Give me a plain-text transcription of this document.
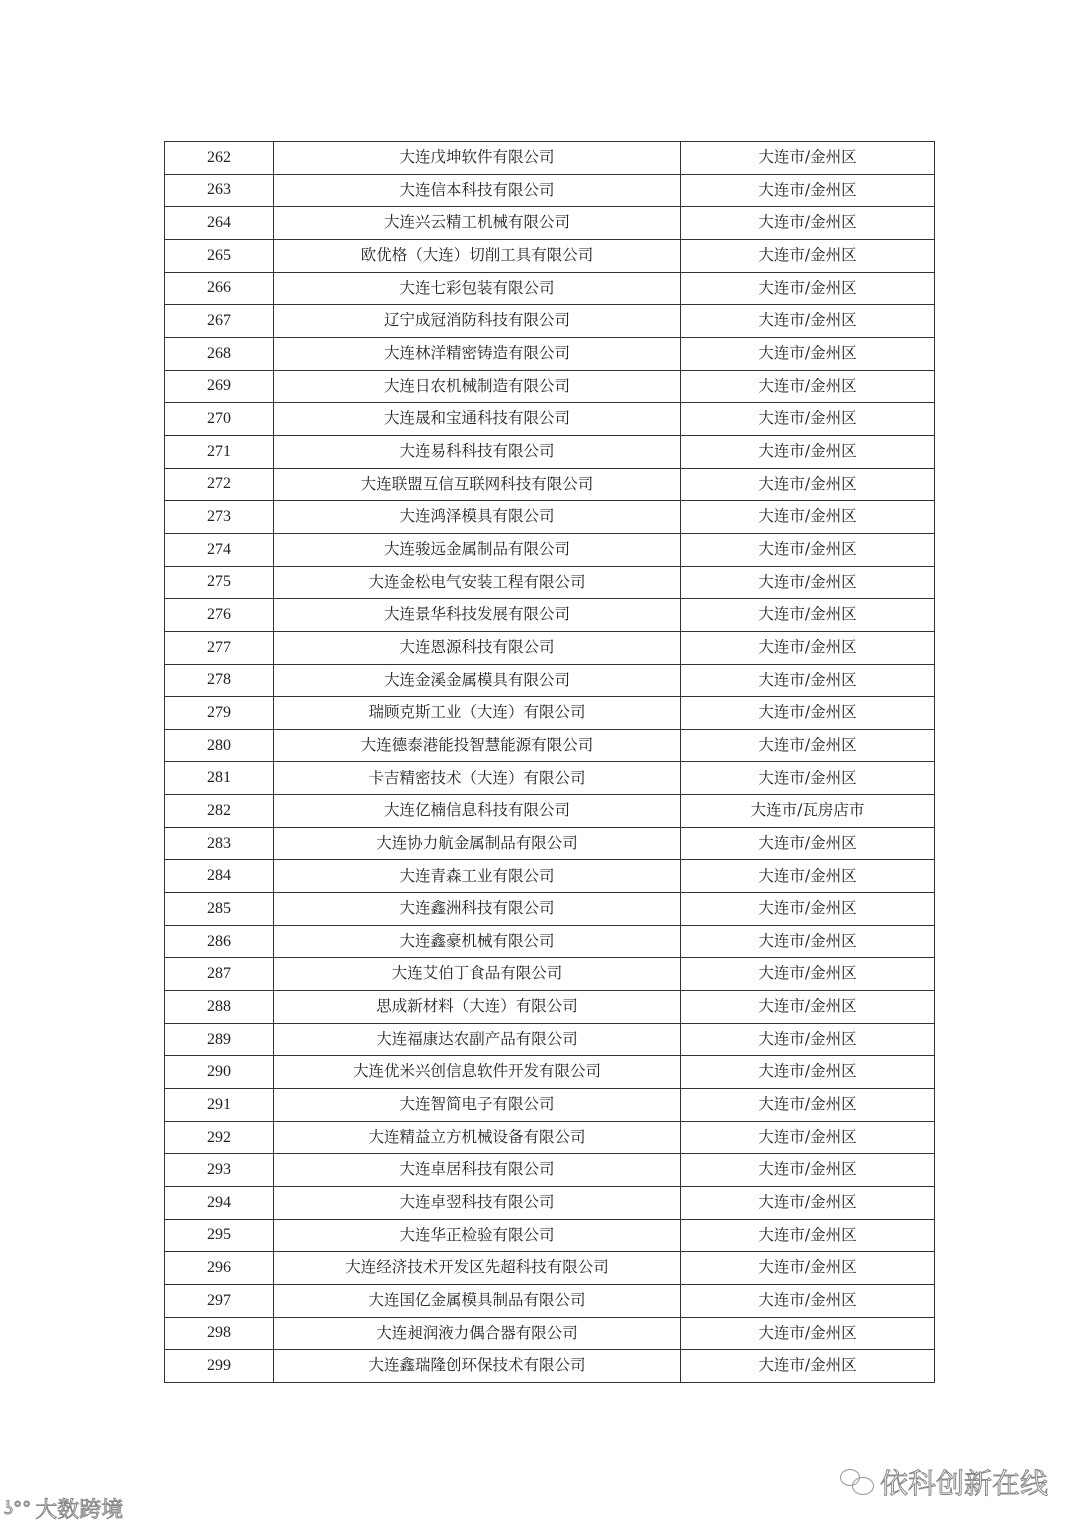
262	大连戊坤软件有限公司	大连市/金州区
263	大连信本科技有限公司	大连市/金州区
264	大连兴云精工机械有限公司	大连市/金州区
265	欧优格（大连）切削工具有限公司	大连市/金州区
266	大连七彩包装有限公司	大连市/金州区
267	辽宁成冠消防科技有限公司	大连市/金州区
268	大连林洋精密铸造有限公司	大连市/金州区
269	大连日农机械制造有限公司	大连市/金州区
270	大连晟和宝通科技有限公司	大连市/金州区
271	大连易科科技有限公司	大连市/金州区
272	大连联盟互信互联网科技有限公司	大连市/金州区
273	大连鸿泽模具有限公司	大连市/金州区
274	大连骏远金属制品有限公司	大连市/金州区
275	大连金松电气安装工程有限公司	大连市/金州区
276	大连景华科技发展有限公司	大连市/金州区
277	大连恩源科技有限公司	大连市/金州区
278	大连金溪金属模具有限公司	大连市/金州区
279	瑞顾克斯工业（大连）有限公司	大连市/金州区
280	大连德泰港能投智慧能源有限公司	大连市/金州区
281	卡吉精密技术（大连）有限公司	大连市/金州区
282	大连亿楠信息科技有限公司	大连市/瓦房店市
283	大连协力航金属制品有限公司	大连市/金州区
284	大连青森工业有限公司	大连市/金州区
285	大连鑫洲科技有限公司	大连市/金州区
286	大连鑫豪机械有限公司	大连市/金州区
287	大连艾伯丁食品有限公司	大连市/金州区
288	思成新材料（大连）有限公司	大连市/金州区
289	大连福康达农副产品有限公司	大连市/金州区
290	大连优米兴创信息软件开发有限公司	大连市/金州区
291	大连智简电子有限公司	大连市/金州区
292	大连精益立方机械设备有限公司	大连市/金州区
293	大连卓居科技有限公司	大连市/金州区
294	大连卓翌科技有限公司	大连市/金州区
295	大连华正检验有限公司	大连市/金州区
296	大连经济技术开发区先超科技有限公司	大连市/金州区
297	大连国亿金属模具制品有限公司	大连市/金州区
298	大连昶润液力偶合器有限公司	大连市/金州区
299	大连鑫瑞隆创环保技术有限公司	大连市/金州区
依科创新在线
ʖ°° 大数跨境
